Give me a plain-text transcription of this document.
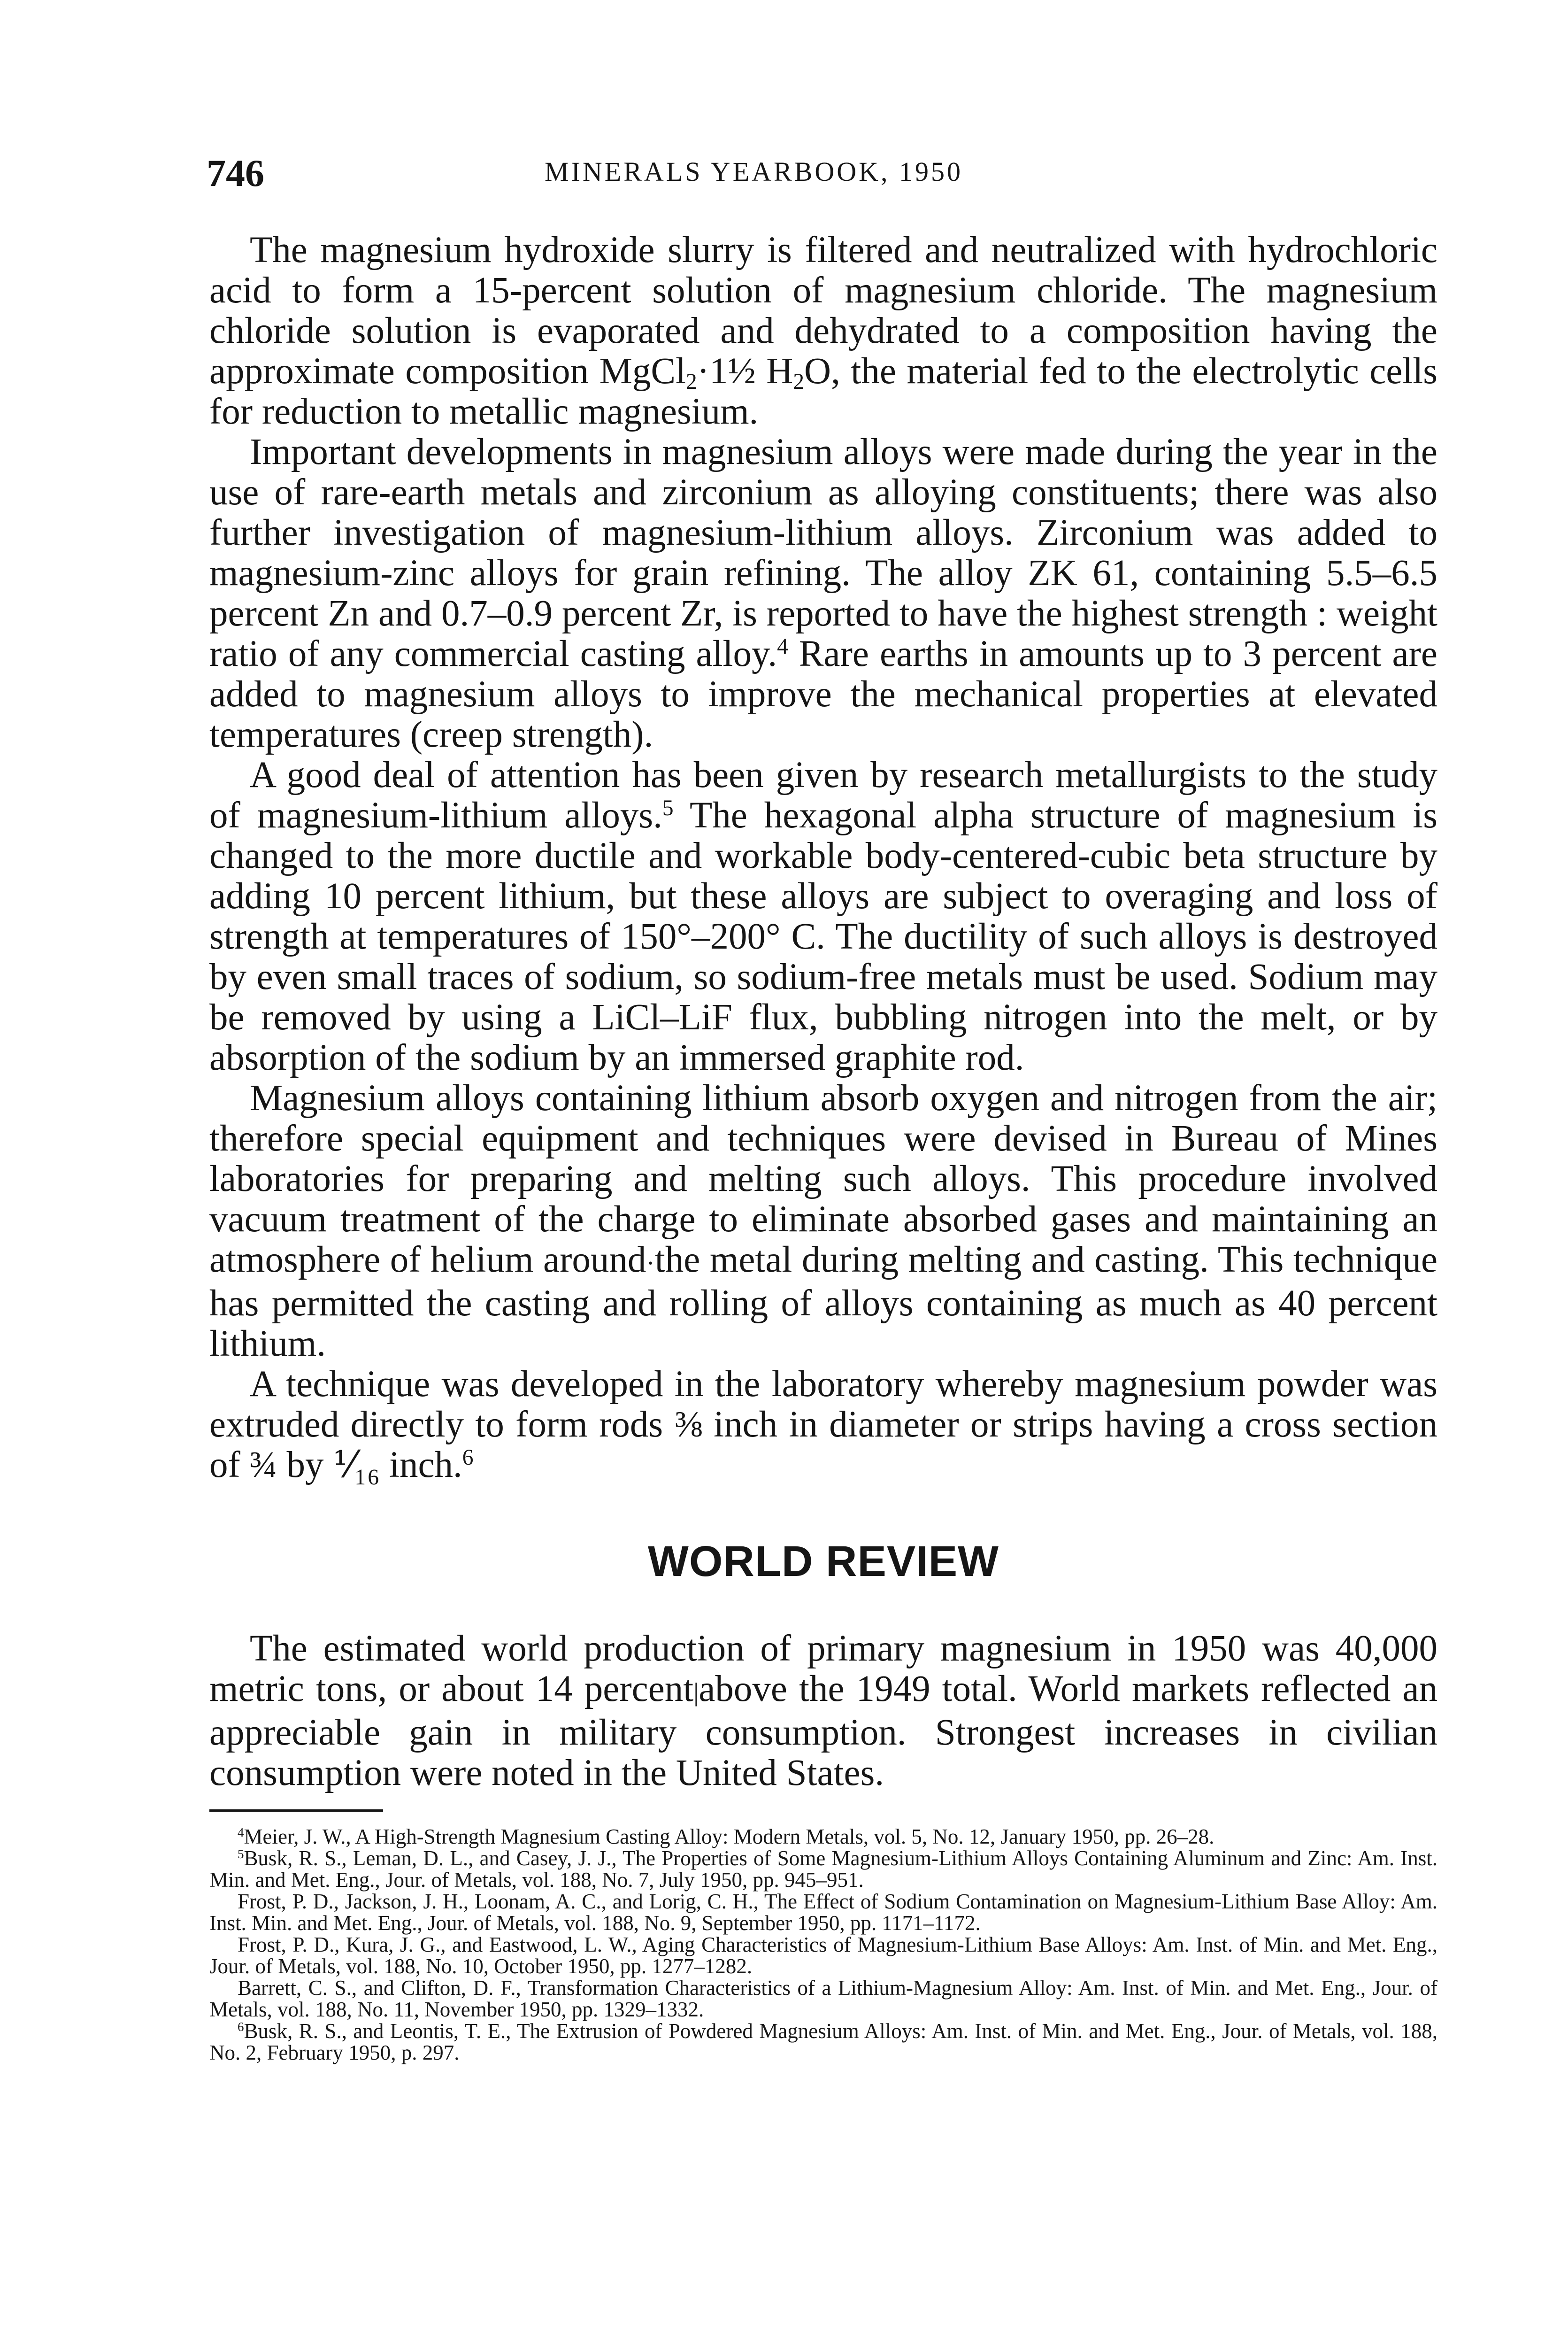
746	MINERALS YEARBOOK, 1950

The magnesium hydroxide slurry is filtered and neutralized with hydrochloric acid to form a 15-percent solution of magnesium chloride. The magnesium chloride solution is evaporated and dehydrated to a composition having the approximate composition MgCl$_2$·1½ $H_2O$, the material fed to the electrolytic cells for reduction to metallic magnesium.

Important developments in magnesium alloys were made during the year in the use of rare-earth metals and zirconium as alloying constituents; there was also further investigation of magnesium-lithium alloys. Zirconium was added to magnesium-zinc alloys for grain refining. The alloy ZK 61, containing 5.5–6.5 percent Zn and 0.7–0.9 percent Zr, is reported to have the highest strength : weight ratio of any commercial casting alloy.$^4$ Rare earths in amounts up to 3 percent are added to magnesium alloys to improve the mechanical properties at elevated temperatures (creep strength).

A good deal of attention has been given by research metallurgists to the study of magnesium-lithium alloys.$^5$ The hexagonal alpha structure of magnesium is changed to the more ductile and workable body-centered-cubic beta structure by adding 10 percent lithium, but these alloys are subject to overaging and loss of strength at temperatures of 150°–200° C. The ductility of such alloys is destroyed by even small traces of sodium, so sodium-free metals must be used. Sodium may be removed by using a LiCl–LiF flux, bubbling nitrogen into the melt, or by absorption of the sodium by an immersed graphite rod.

Magnesium alloys containing lithium absorb oxygen and nitrogen from the air; therefore special equipment and techniques were devised in Bureau of Mines laboratories for preparing and melting such alloys. This procedure involved vacuum treatment of the charge to eliminate absorbed gases and maintaining an atmosphere of helium around·the metal during melting and casting. This technique has permitted the casting and rolling of alloys containing as much as 40 percent lithium.

A technique was developed in the laboratory whereby magnesium powder was extruded directly to form rods ⅜ inch in diameter or strips having a cross section of ¾ by ⅟₁₆ inch.$^6$

WORLD REVIEW

The estimated world production of primary magnesium in 1950 was 40,000 metric tons, or about 14 percent|above the 1949 total. World markets reflected an appreciable gain in military consumption. Strongest increases in civilian consumption were noted in the United States.

$^4$Meier, J. W., A High-Strength Magnesium Casting Alloy: Modern Metals, vol. 5, No. 12, January 1950, pp. 26–28.

$^5$Busk, R. S., Leman, D. L., and Casey, J. J., The Properties of Some Magnesium-Lithium Alloys Containing Aluminum and Zinc: Am. Inst. Min. and Met. Eng., Jour. of Metals, vol. 188, No. 7, July 1950, pp. 945–951.

Frost, P. D., Jackson, J. H., Loonam, A. C., and Lorig, C. H., The Effect of Sodium Contamination on Magnesium-Lithium Base Alloy: Am. Inst. Min. and Met. Eng., Jour. of Metals, vol. 188, No. 9, September 1950, pp. 1171–1172.

Frost, P. D., Kura, J. G., and Eastwood, L. W., Aging Characteristics of Magnesium-Lithium Base Alloys: Am. Inst. of Min. and Met. Eng., Jour. of Metals, vol. 188, No. 10, October 1950, pp. 1277–1282.

Barrett, C. S., and Clifton, D. F., Transformation Characteristics of a Lithium-Magnesium Alloy: Am. Inst. of Min. and Met. Eng., Jour. of Metals, vol. 188, No. 11, November 1950, pp. 1329–1332.

$^6$Busk, R. S., and Leontis, T. E., The Extrusion of Powdered Magnesium Alloys: Am. Inst. of Min. and Met. Eng., Jour. of Metals, vol. 188, No. 2, February 1950, p. 297.
